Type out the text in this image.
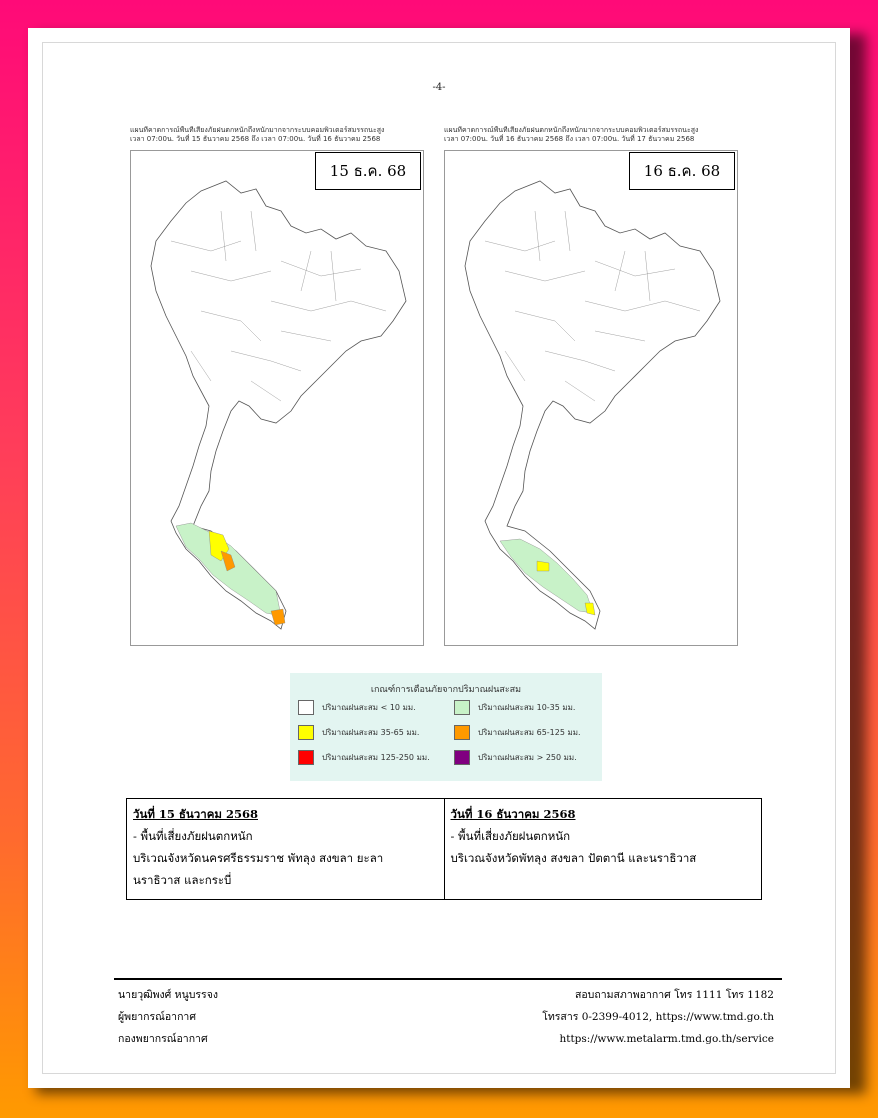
-4-
แผนที่คาดการณ์พื้นที่เสี่ยงภัยฝนตกหนักถึงหนักมากจากระบบคอมพิวเตอร์สมรรถนะสูง
เวลา 07:00น. วันที่ 15 ธันวาคม 2568 ถึง เวลา 07:00น. วันที่ 16 ธันวาคม 2568
15 ธ.ค. 68
แผนที่คาดการณ์พื้นที่เสี่ยงภัยฝนตกหนักถึงหนักมากจากระบบคอมพิวเตอร์สมรรถนะสูง
เวลา 07:00น. วันที่ 16 ธันวาคม 2568 ถึง เวลา 07:00น. วันที่ 17 ธันวาคม 2568
16 ธ.ค. 68
เกณฑ์การเตือนภัยจากปริมาณฝนสะสม
ปริมาณฝนสะสม < 10 มม.	ปริมาณฝนสะสม 10-35 มม.
ปริมาณฝนสะสม 35-65 มม.	ปริมาณฝนสะสม 65-125 มม.
ปริมาณฝนสะสม 125-250 มม.	ปริมาณฝนสะสม > 250 มม.
วันที่ 15 ธันวาคม 2568
- พื้นที่เสี่ยงภัยฝนตกหนัก
บริเวณจังหวัดนครศรีธรรมราช พัทลุง สงขลา ยะลา
นราธิวาส และกระบี่
วันที่ 16 ธันวาคม 2568
- พื้นที่เสี่ยงภัยฝนตกหนัก
บริเวณจังหวัดพัทลุง สงขลา ปัตตานี และนราธิวาส
นายวุฒิพงศ์ หนูบรรจง
ผู้พยากรณ์อากาศ
กองพยากรณ์อากาศ
สอบถามสภาพอากาศ โทร 1111 โทร 1182
โทรสาร 0-2399-4012, https://www.tmd.go.th
https://www.metalarm.tmd.go.th/service
